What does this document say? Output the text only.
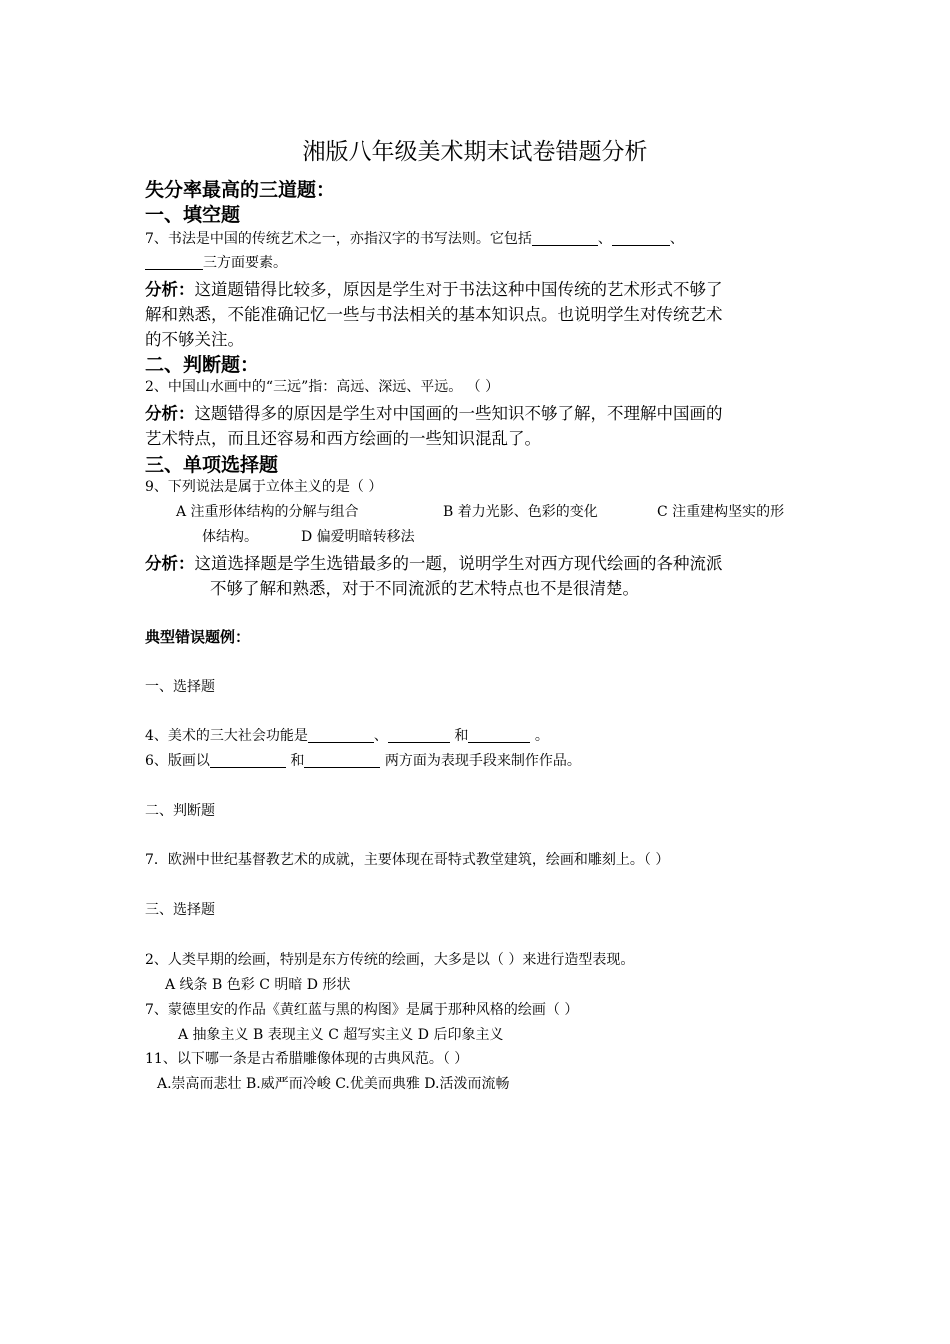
湘版八年级美术期末试卷错题分析
失分率最高的三道题：
一、填空题
7、书法是中国的传统艺术之一，亦指汉字的书写法则。它包括	、	、
三方面要素。
分析：这道题错得比较多，原因是学生对于书法这种中国传统的艺术形式不够了
解和熟悉，不能准确记忆一些与书法相关的基本知识点。也说明学生对传统艺术
的不够关注。
二、判断题：
2、中国山水画中的“三远”指：高远、深远、平远。 （ ）
分析：这题错得多的原因是学生对中国画的一些知识不够了解，不理解中国画的
艺术特点，而且还容易和西方绘画的一些知识混乱了。
三、单项选择题
9、下列说法是属于立体主义的是（ ）
A 注重形体结构的分解与组合	B 着力光影、色彩的变化	C 注重建构坚实的形
体结构。	D 偏爱明暗转移法
分析：这道选择题是学生选错最多的一题，说明学生对西方现代绘画的各种流派
不够了解和熟悉，对于不同流派的艺术特点也不是很清楚。
典型错误题例：
一、选择题
4、美术的三大社会功能是	、	和	。
6、版画以	和	两方面为表现手段来制作作品。
二、判断题
7．欧洲中世纪基督教艺术的成就，主要体现在哥特式教堂建筑，绘画和雕刻上。（ ）
三、选择题
2、人类早期的绘画，特别是东方传统的绘画，大多是以（ ）来进行造型表现。
A 线条 B 色彩 C 明暗 D 形状
7、蒙德里安的作品《黄红蓝与黑的构图》是属于那种风格的绘画（ ）
A 抽象主义 B 表现主义 C 超写实主义 D 后印象主义
11、以下哪一条是古希腊雕像体现的古典风范。（ ）
A.崇高而悲壮 B.威严而冷峻 C.优美而典雅 D.活泼而流畅
